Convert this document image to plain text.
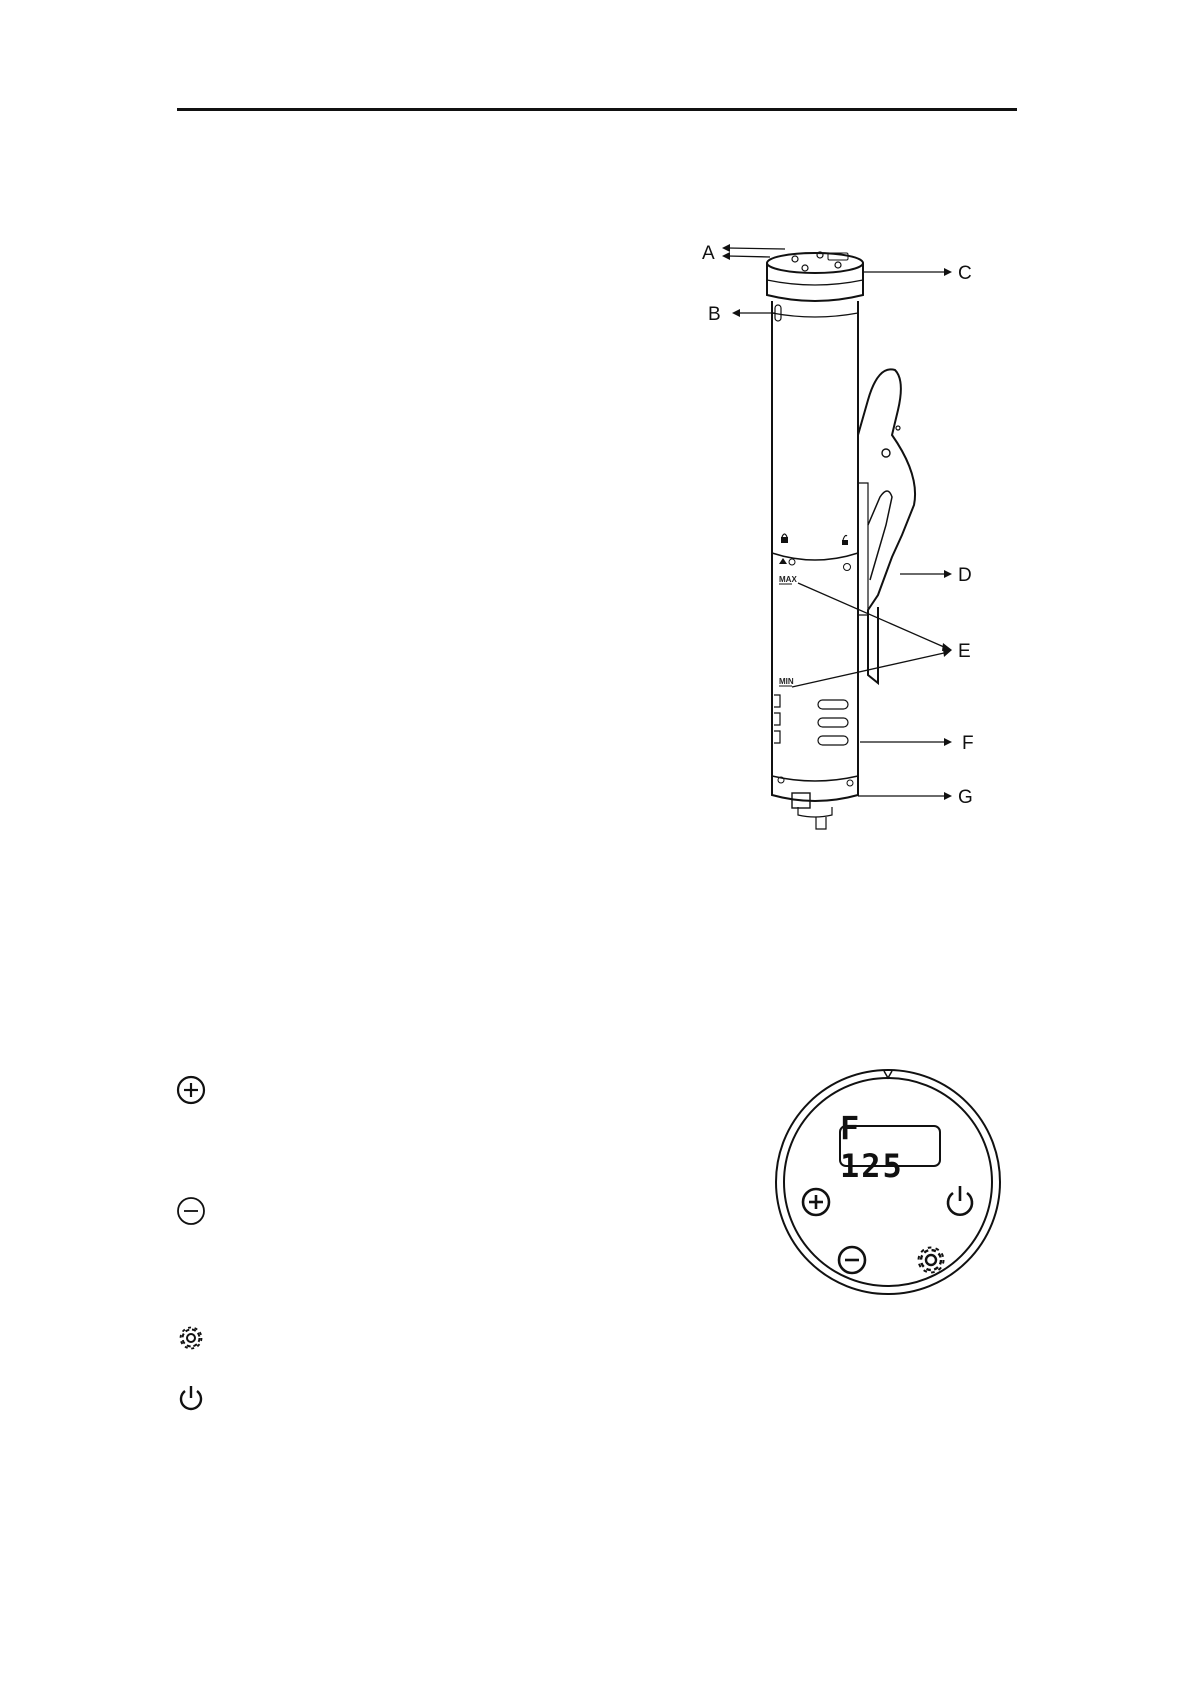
A
B
C
D
E
F
G
MAX
MIN
F 125
